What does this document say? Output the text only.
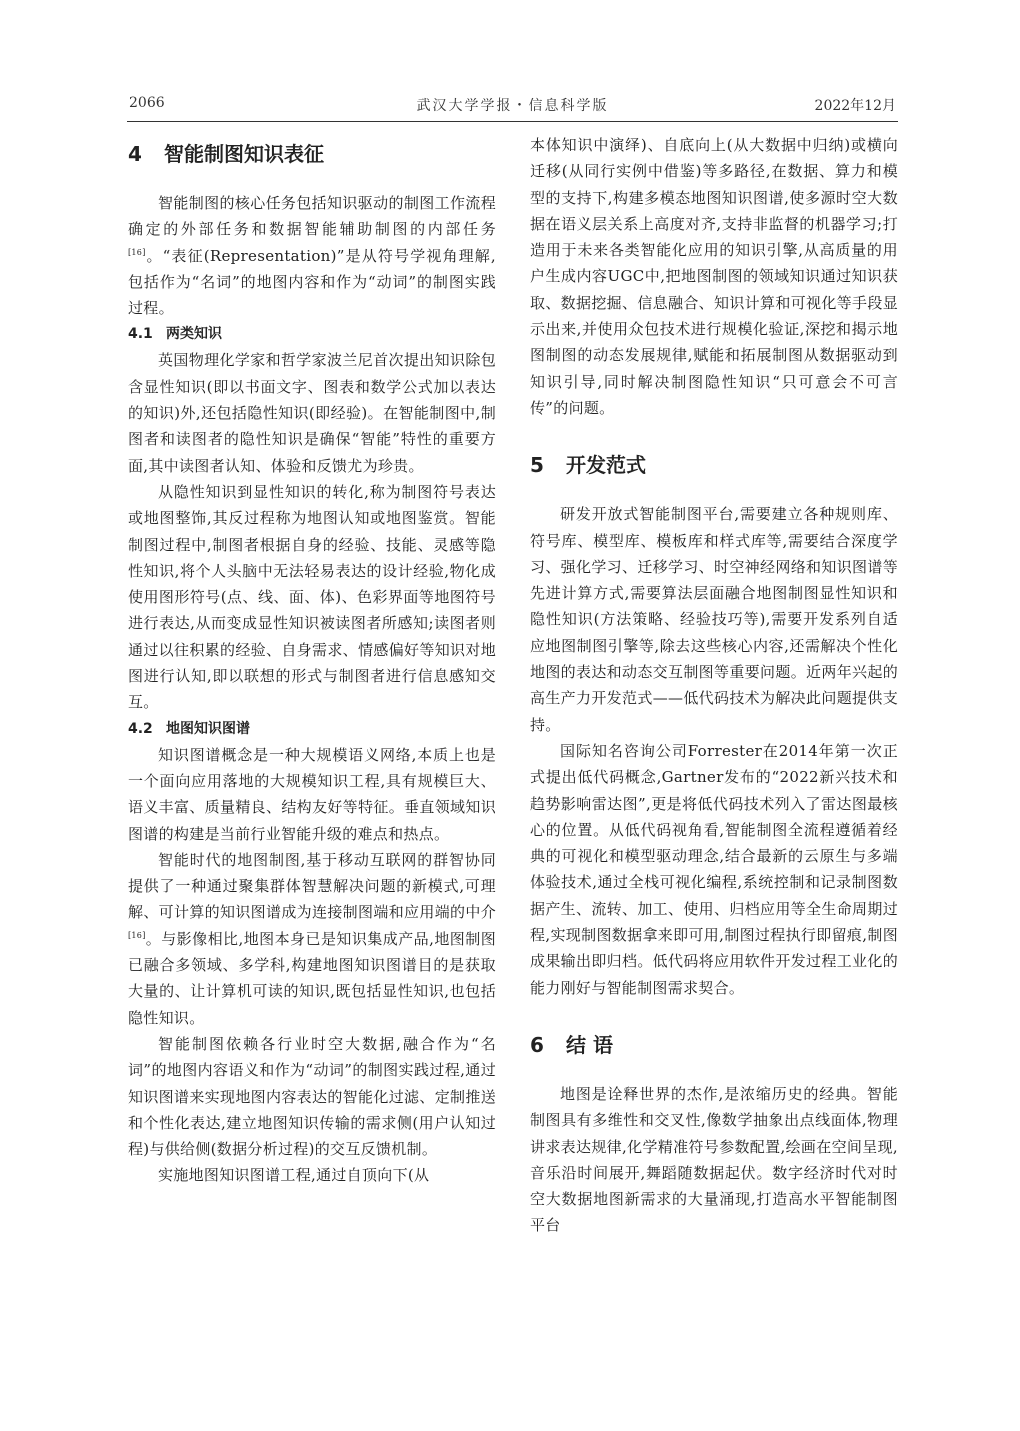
2066	武汉大学学报・信息科学版	2022年12月
4 智能制图知识表征

智能制图的核心任务包括知识驱动的制图工作流程确定的外部任务和数据智能辅助制图的内部任务[16]。“表征(Representation)”是从符号学视角理解,包括作为“名词”的地图内容和作为“动词”的制图实践过程。

4.1 两类知识

英国物理化学家和哲学家波兰尼首次提出知识除包含显性知识(即以书面文字、图表和数学公式加以表达的知识)外,还包括隐性知识(即经验)。在智能制图中,制图者和读图者的隐性知识是确保“智能”特性的重要方面,其中读图者认知、体验和反馈尤为珍贵。

从隐性知识到显性知识的转化,称为制图符号表达或地图整饰,其反过程称为地图认知或地图鉴赏。智能制图过程中,制图者根据自身的经验、技能、灵感等隐性知识,将个人头脑中无法轻易表达的设计经验,物化成使用图形符号(点、线、面、体)、色彩界面等地图符号进行表达,从而变成显性知识被读图者所感知;读图者则通过以往积累的经验、自身需求、情感偏好等知识对地图进行认知,即以联想的形式与制图者进行信息感知交互。

4.2 地图知识图谱

知识图谱概念是一种大规模语义网络,本质上也是一个面向应用落地的大规模知识工程,具有规模巨大、语义丰富、质量精良、结构友好等特征。垂直领域知识图谱的构建是当前行业智能升级的难点和热点。

智能时代的地图制图,基于移动互联网的群智协同提供了一种通过聚集群体智慧解决问题的新模式,可理解、可计算的知识图谱成为连接制图端和应用端的中介[16]。与影像相比,地图本身已是知识集成产品,地图制图已融合多领域、多学科,构建地图知识图谱目的是获取大量的、让计算机可读的知识,既包括显性知识,也包括隐性知识。

智能制图依赖各行业时空大数据,融合作为“名词”的地图内容语义和作为“动词”的制图实践过程,通过知识图谱来实现地图内容表达的智能化过滤、定制推送和个性化表达,建立地图知识传输的需求侧(用户认知过程)与供给侧(数据分析过程)的交互反馈机制。

实施地图知识图谱工程,通过自顶向下(从

本体知识中演绎)、自底向上(从大数据中归纳)或横向迁移(从同行实例中借鉴)等多路径,在数据、算力和模型的支持下,构建多模态地图知识图谱,使多源时空大数据在语义层关系上高度对齐,支持非监督的机器学习;打造用于未来各类智能化应用的知识引擎,从高质量的用户生成内容UGC中,把地图制图的领域知识通过知识获取、数据挖掘、信息融合、知识计算和可视化等手段显示出来,并使用众包技术进行规模化验证,深挖和揭示地图制图的动态发展规律,赋能和拓展制图从数据驱动到知识引导,同时解决制图隐性知识“只可意会不可言传”的问题。

5 开发范式

研发开放式智能制图平台,需要建立各种规则库、符号库、模型库、模板库和样式库等,需要结合深度学习、强化学习、迁移学习、时空神经网络和知识图谱等先进计算方式,需要算法层面融合地图制图显性知识和隐性知识(方法策略、经验技巧等),需要开发系列自适应地图制图引擎等,除去这些核心内容,还需解决个性化地图的表达和动态交互制图等重要问题。近两年兴起的高生产力开发范式——低代码技术为解决此问题提供支持。

国际知名咨询公司Forrester在2014年第一次正式提出低代码概念,Gartner发布的“2022新兴技术和趋势影响雷达图”,更是将低代码技术列入了雷达图最核心的位置。从低代码视角看,智能制图全流程遵循着经典的可视化和模型驱动理念,结合最新的云原生与多端体验技术,通过全栈可视化编程,系统控制和记录制图数据产生、流转、加工、使用、归档应用等全生命周期过程,实现制图数据拿来即可用,制图过程执行即留痕,制图成果输出即归档。低代码将应用软件开发过程工业化的能力刚好与智能制图需求契合。

6 结 语

地图是诠释世界的杰作,是浓缩历史的经典。智能制图具有多维性和交叉性,像数学抽象出点线面体,物理讲求表达规律,化学精准符号参数配置,绘画在空间呈现,音乐沿时间展开,舞蹈随数据起伏。数字经济时代对时空大数据地图新需求的大量涌现,打造高水平智能制图平台
